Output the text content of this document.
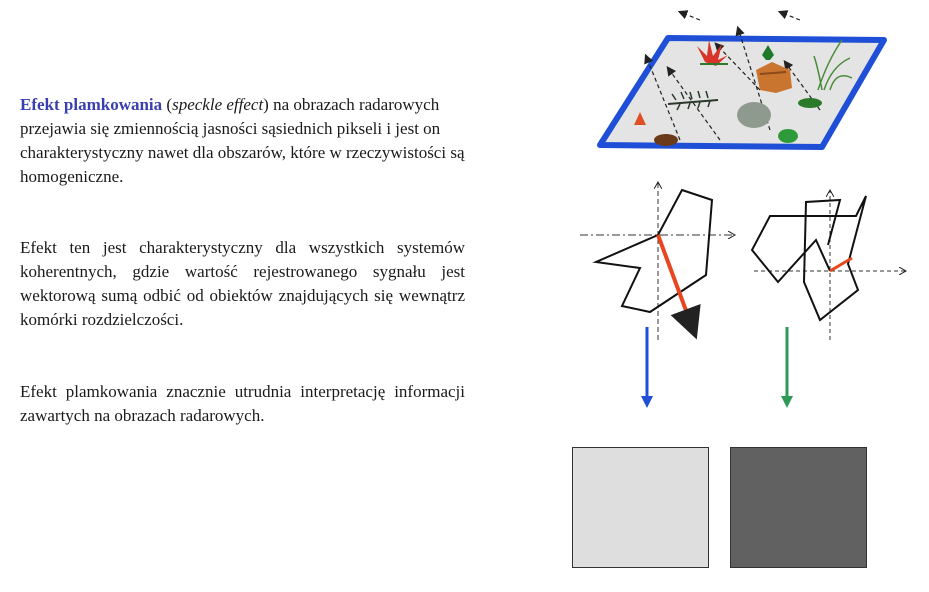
Efekt plamkowania (speckle effect) na obrazach radarowych przejawia się zmiennością jasności sąsiednich pikseli i jest on charakterystyczny nawet dla obszarów, które w rzeczywistości są homogeniczne.

Efekt ten jest charakterystyczny dla wszystkich systemów koherentnych, gdzie wartość rejestrowanego sygnału jest wektorową sumą odbić od obiektów znajdujących się wewnątrz komórki rozdzielczości.

Efekt plamkowania znacznie utrudnia interpretację informacji zawartych na obrazach radarowych.
